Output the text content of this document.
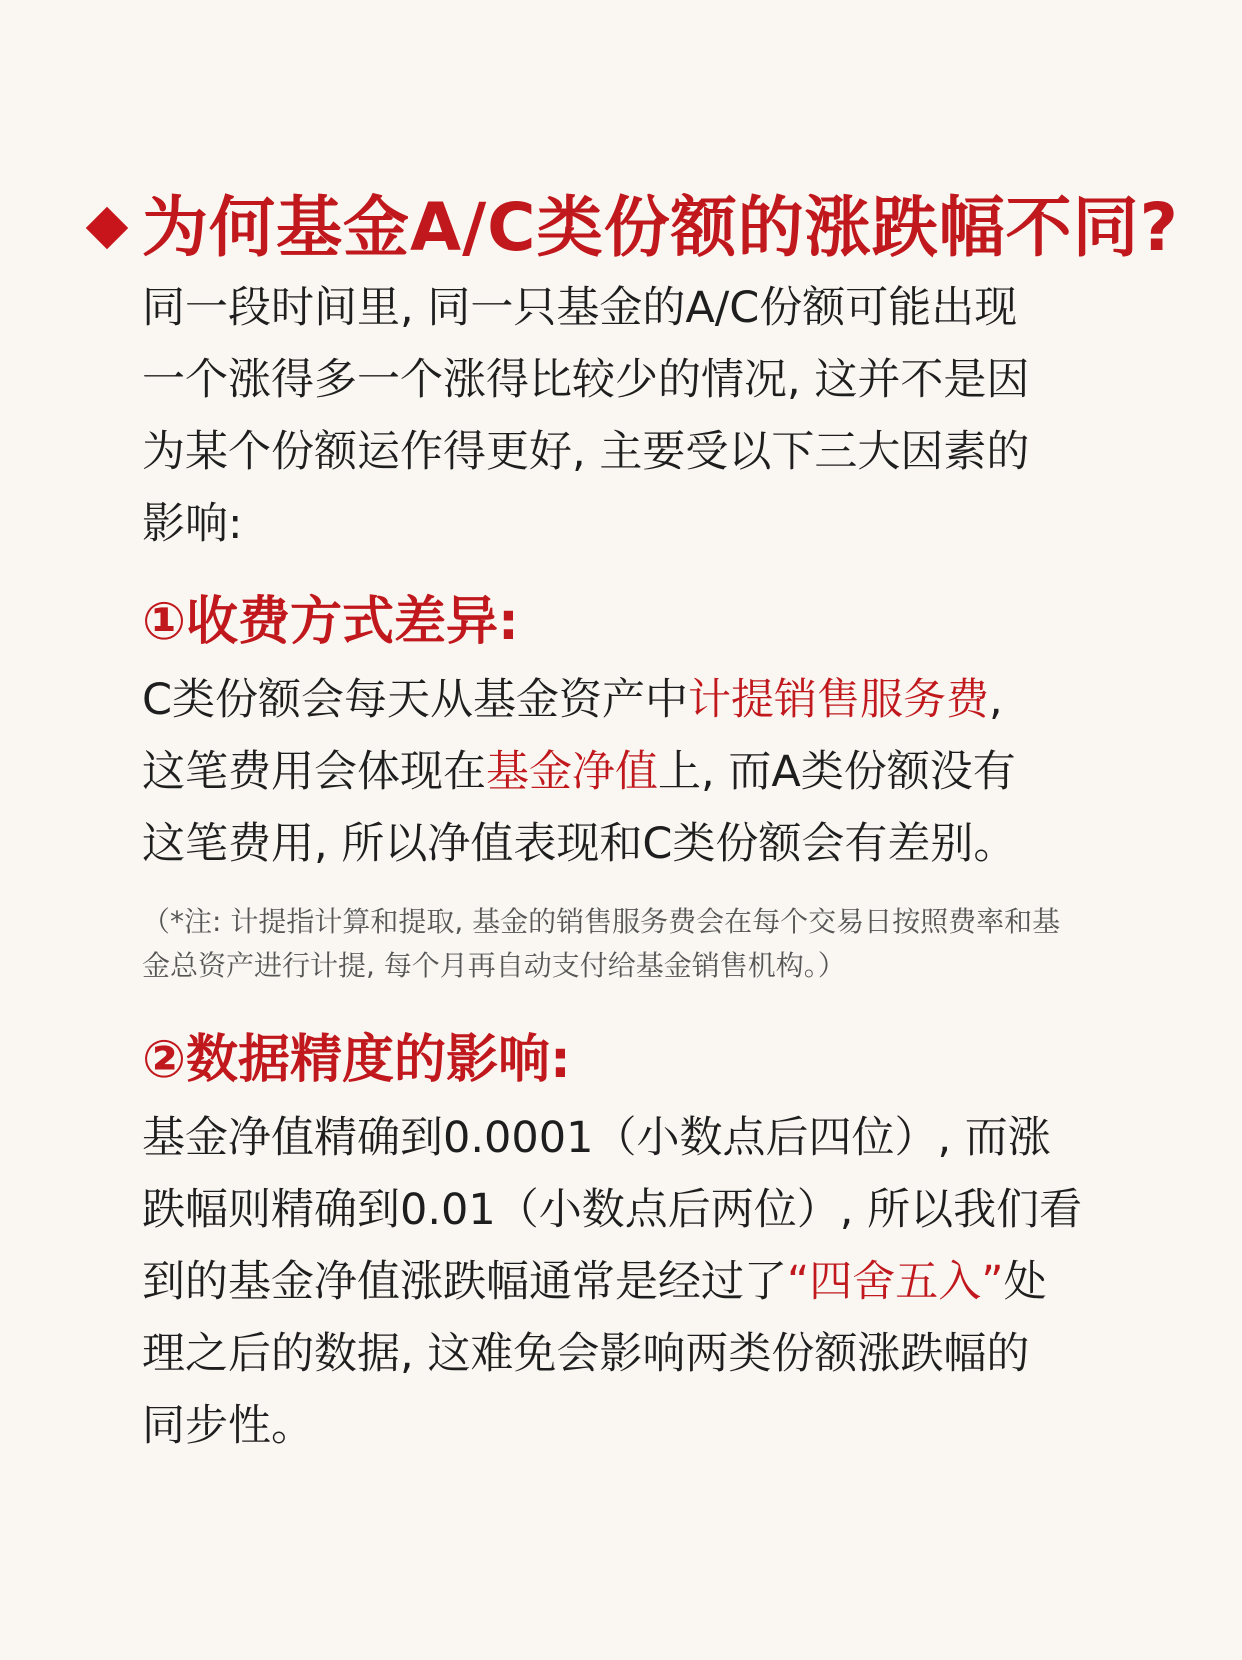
为何基金A/C类份额的涨跌幅不同?
同一段时间里, 同一只基金的A/C份额可能出现
一个涨得多一个涨得比较少的情况, 这并不是因
为某个份额运作得更好, 主要受以下三大因素的
影响:
①收费方式差异:
C类份额会每天从基金资产中计提销售服务费,
这笔费用会体现在基金净值上, 而A类份额没有
这笔费用, 所以净值表现和C类份额会有差别。
（*注: 计提指计算和提取, 基金的销售服务费会在每个交易日按照费率和基
金总资产进行计提, 每个月再自动支付给基金销售机构。）
②数据精度的影响:
基金净值精确到0.0001（小数点后四位）, 而涨
跌幅则精确到0.01（小数点后两位）, 所以我们看
到的基金净值涨跌幅通常是经过了“四舍五入”处
理之后的数据, 这难免会影响两类份额涨跌幅的
同步性。
